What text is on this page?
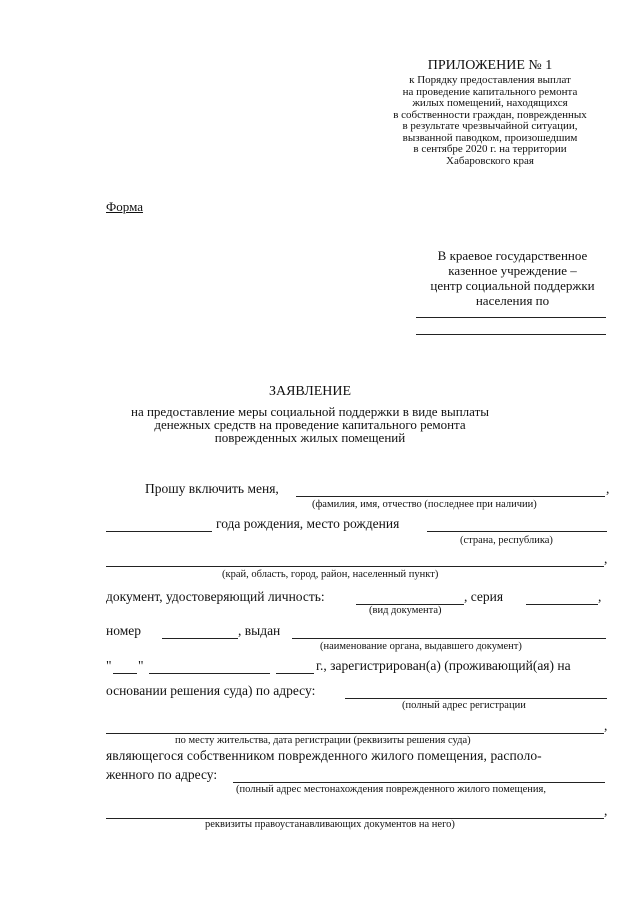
ПРИЛОЖЕНИЕ № 1
к Порядку предоставления выплат
на проведение капитального ремонта
жилых помещений, находящихся
в собственности граждан, поврежденных
в результате чрезвычайной ситуации,
вызванной паводком, произошедшим
в сентябре 2020 г. на территории
Хабаровского края
Форма
В краевое государственное
казенное учреждение –
центр социальной поддержки
населения по
ЗАЯВЛЕНИЕ
на предоставление меры социальной поддержки в виде выплаты
денежных средств на проведение капитального ремонта
поврежденных жилых помещений
Прошу включить меня,	,
(фамилия, имя, отчество (последнее при наличии)
года рождения, место рождения
(страна, республика)
,
(край, область, город, район, населенный пункт)
документ, удостоверяющий личность:	, серия	,
(вид документа)
номер	, выдан
(наименование органа, выдавшего документ)
" "	г., зарегистрирован(а) (проживающий(ая) на
основании решения суда) по адресу:
(полный адрес регистрации
,
по месту жительства, дата регистрации (реквизиты решения суда)
являющегося собственником поврежденного жилого помещения, располо-
женного по адресу:
(полный адрес местонахождения поврежденного жилого помещения,
,
реквизиты правоустанавливающих документов на него)
